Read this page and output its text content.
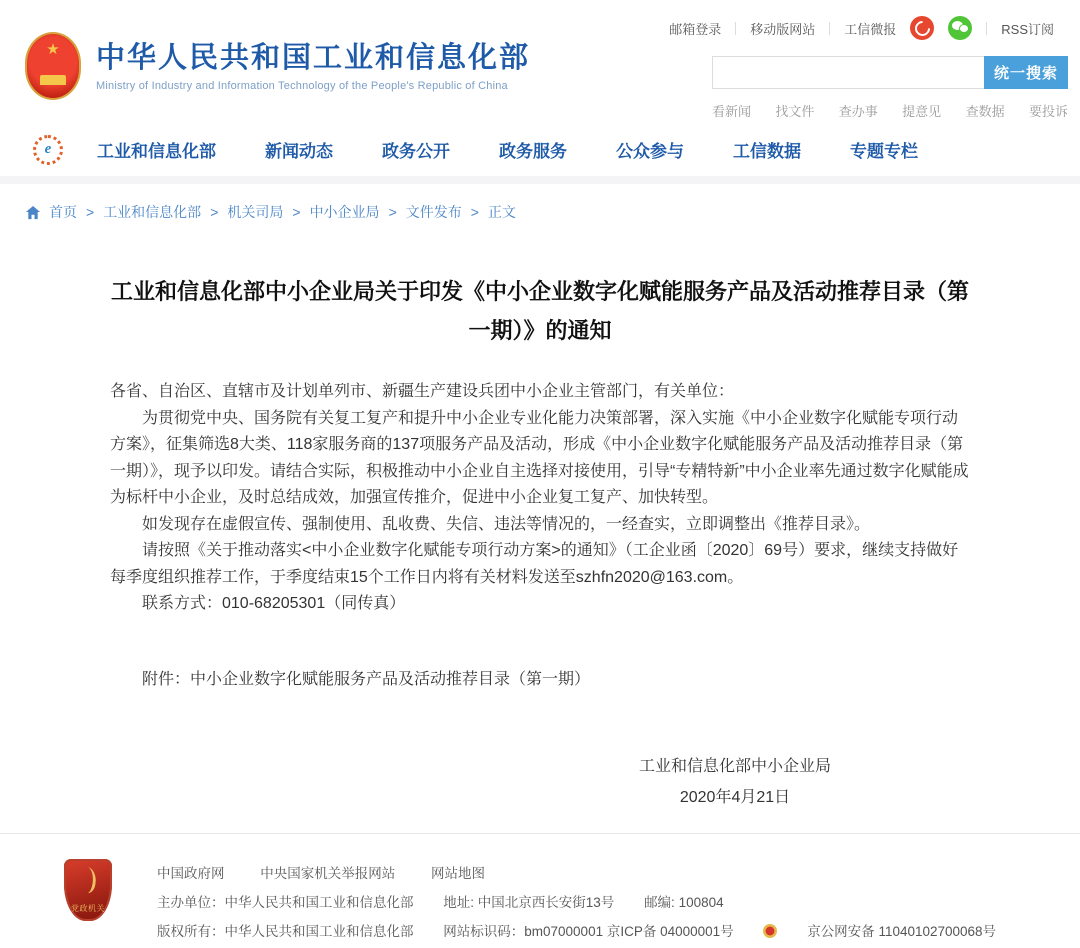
邮箱登录 移动版网站 工信微报	RSS订阅
★	中华人民共和国工业和信息化部
Ministry of Industry and Information Technology of the People's Republic of China
统一搜索
看新闻 找文件 查办事 提意见 查数据 要投诉
e	工业和信息化部	新闻动态	政务公开	政务服务	公众参与	工信数据	专题专栏
首页	> 工业和信息化部	> 机关司局	> 中小企业局	> 文件发布	> 正文
工业和信息化部中小企业局关于印发《中小企业数字化赋能服务产品及活动推荐目录（第一期）》的通知

各省、自治区、直辖市及计划单列市、新疆生产建设兵团中小企业主管部门，有关单位：

为贯彻党中央、国务院有关复工复产和提升中小企业专业化能力决策部署，深入实施《中小企业数字化赋能专项行动方案》，征集筛选8大类、118家服务商的137项服务产品及活动，形成《中小企业数字化赋能服务产品及活动推荐目录（第一期）》，现予以印发。请结合实际，积极推动中小企业自主选择对接使用，引导“专精特新”中小企业率先通过数字化赋能成为标杆中小企业，及时总结成效，加强宣传推介，促进中小企业复工复产、加快转型。

如发现存在虚假宣传、强制使用、乱收费、失信、违法等情况的，一经查实，立即调整出《推荐目录》。

请按照《关于推动落实<中小企业数字化赋能专项行动方案>的通知》（工企业函〔2020〕69号）要求，继续支持做好每季度组织推荐工作，于季度结束15个工作日内将有关材料发送至szhfn2020@163.com。

联系方式：010-68205301（同传真）

附件：中小企业数字化赋能服务产品及活动推荐目录（第一期）

工业和信息化部中小企业局
2020年4月21日
党政机关
中国政府网	中央国家机关举报网站	网站地图
主办单位：中华人民共和国工业和信息化部 地址: 中国北京西长安街13号 邮编: 100804
版权所有：中华人民共和国工业和信息化部 网站标识码：bm07000001 京ICP备 04000001号	京公网安备 11040102700068号
